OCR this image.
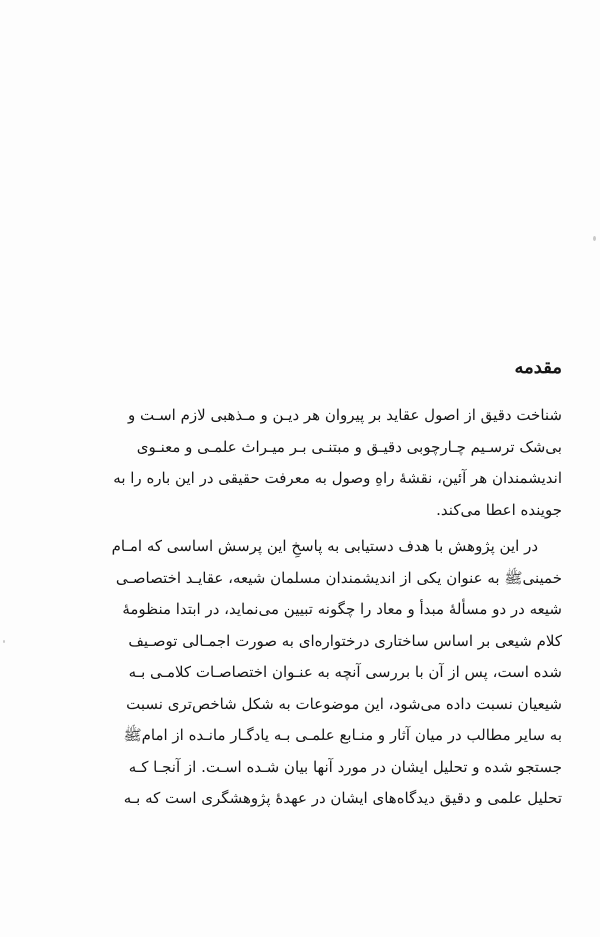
مقدمه
شناخت دقیق از اصول عقاید بر پیروان هر دیـن و مـذهبی لازم اسـت و
بی‌شک ترسـیم چـارچوبی دقیـق و مبتنـی بـر میـراث علمـی و معنـوی
اندیشمندان هر آئین، نقشهٔ راهِ وصول به معرفت حقیقی در این باره را به
جوینده اعطا می‌کند.
در این پژوهش با هدف دستیابی به پاسخِ این پرسش اساسی که امـام
خمینیﷺ به عنوان یکی از اندیشمندان مسلمان شیعه، عقایـد اختصاصـی
شیعه در دو مسألهٔ مبدأ و معاد را چگونه تبیین می‌نماید، در ابتدا منظومهٔ
کلام شیعی بر اساس ساختاری درختواره‌ای به صورت اجمـالی توصـیف
شده است، پس از آن با بررسی آنچه به عنـوان اختصاصـات کلامـی بـه
شیعیان نسبت داده می‌شود، این موضوعات به شکل شاخص‌تری نسبت
به سایر مطالب در میان آثار و منـابع علمـی بـه یادگـار مانـده از امامﷺ
جستجو شده و تحلیل ایشان در مورد آنها بیان شـده اسـت. از آنجـا کـه
تحلیل علمی و دقیق دیدگاه‌های ایشان در عهدهٔ پژوهشگری است که بـه
